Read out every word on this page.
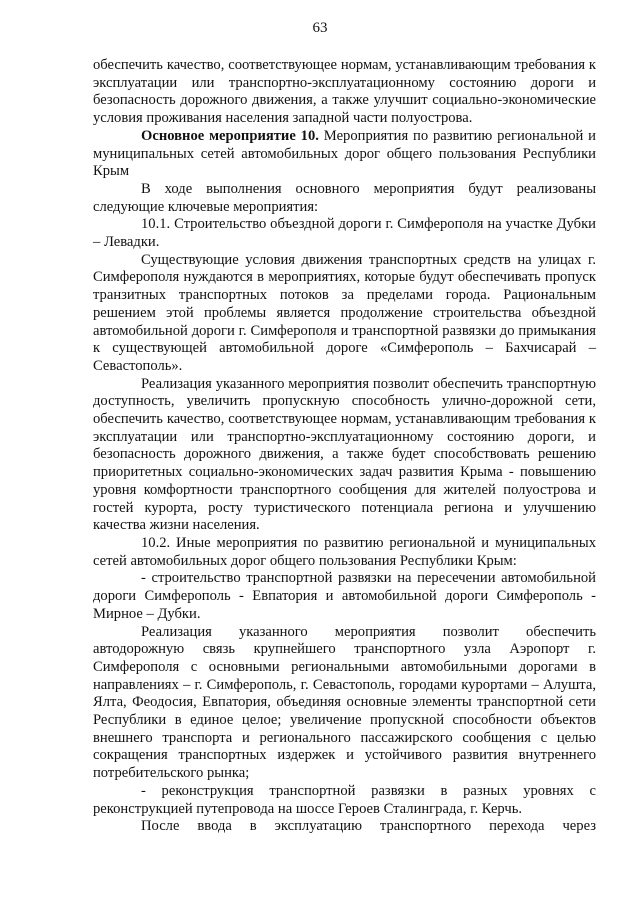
63

обеспечить качество, соответствующее нормам, устанавливающим требования к эксплуатации или транспортно-эксплуатационному состоянию дороги и безопасность дорожного движения, а также улучшит социально-экономические условия проживания населения западной части полуострова.

Основное мероприятие 10. Мероприятия по развитию региональной и муниципальных сетей автомобильных дорог общего пользования Республики Крым

В ходе выполнения основного мероприятия будут реализованы следующие ключевые мероприятия:

10.1. Строительство объездной дороги г. Симферополя на участке Дубки – Левадки.

Существующие условия движения транспортных средств на улицах г. Симферополя нуждаются в мероприятиях, которые будут обеспечивать пропуск транзитных транспортных потоков за пределами города. Рациональным решением этой проблемы является продолжение строительства объездной автомобильной дороги г. Симферополя и транспортной развязки до примыкания к существующей автомобильной дороге «Симферополь – Бахчисарай – Севастополь».

Реализация указанного мероприятия позволит обеспечить транспортную доступность, увеличить пропускную способность улично-дорожной сети, обеспечить качество, соответствующее нормам, устанавливающим требования к эксплуатации или транспортно-эксплуатационному состоянию дороги, и безопасность дорожного движения, а также будет способствовать решению приоритетных социально-экономических задач развития Крыма - повышению уровня комфортности транспортного сообщения для жителей полуострова и гостей курорта, росту туристического потенциала региона и улучшению качества жизни населения.

10.2. Иные мероприятия по развитию региональной и муниципальных сетей автомобильных дорог общего пользования Республики Крым:

- строительство транспортной развязки на пересечении автомобильной дороги Симферополь - Евпатория и автомобильной дороги Симферополь - Мирное – Дубки.

Реализация указанного мероприятия позволит обеспечить автодорожную связь крупнейшего транспортного узла Аэропорт г. Симферополя с основными региональными автомобильными дорогами в направлениях – г. Симферополь, г. Севастополь, городами курортами – Алушта, Ялта, Феодосия, Евпатория, объединяя основные элементы транспортной сети Республики в единое целое; увеличение пропускной способности объектов внешнего транспорта и регионального пассажирского сообщения с целью сокращения транспортных издержек и устойчивого развития внутреннего потребительского рынка;

- реконструкция транспортной развязки в разных уровнях с реконструкцией путепровода на шоссе Героев Сталинграда, г. Керчь.

После ввода в эксплуатацию транспортного перехода через
